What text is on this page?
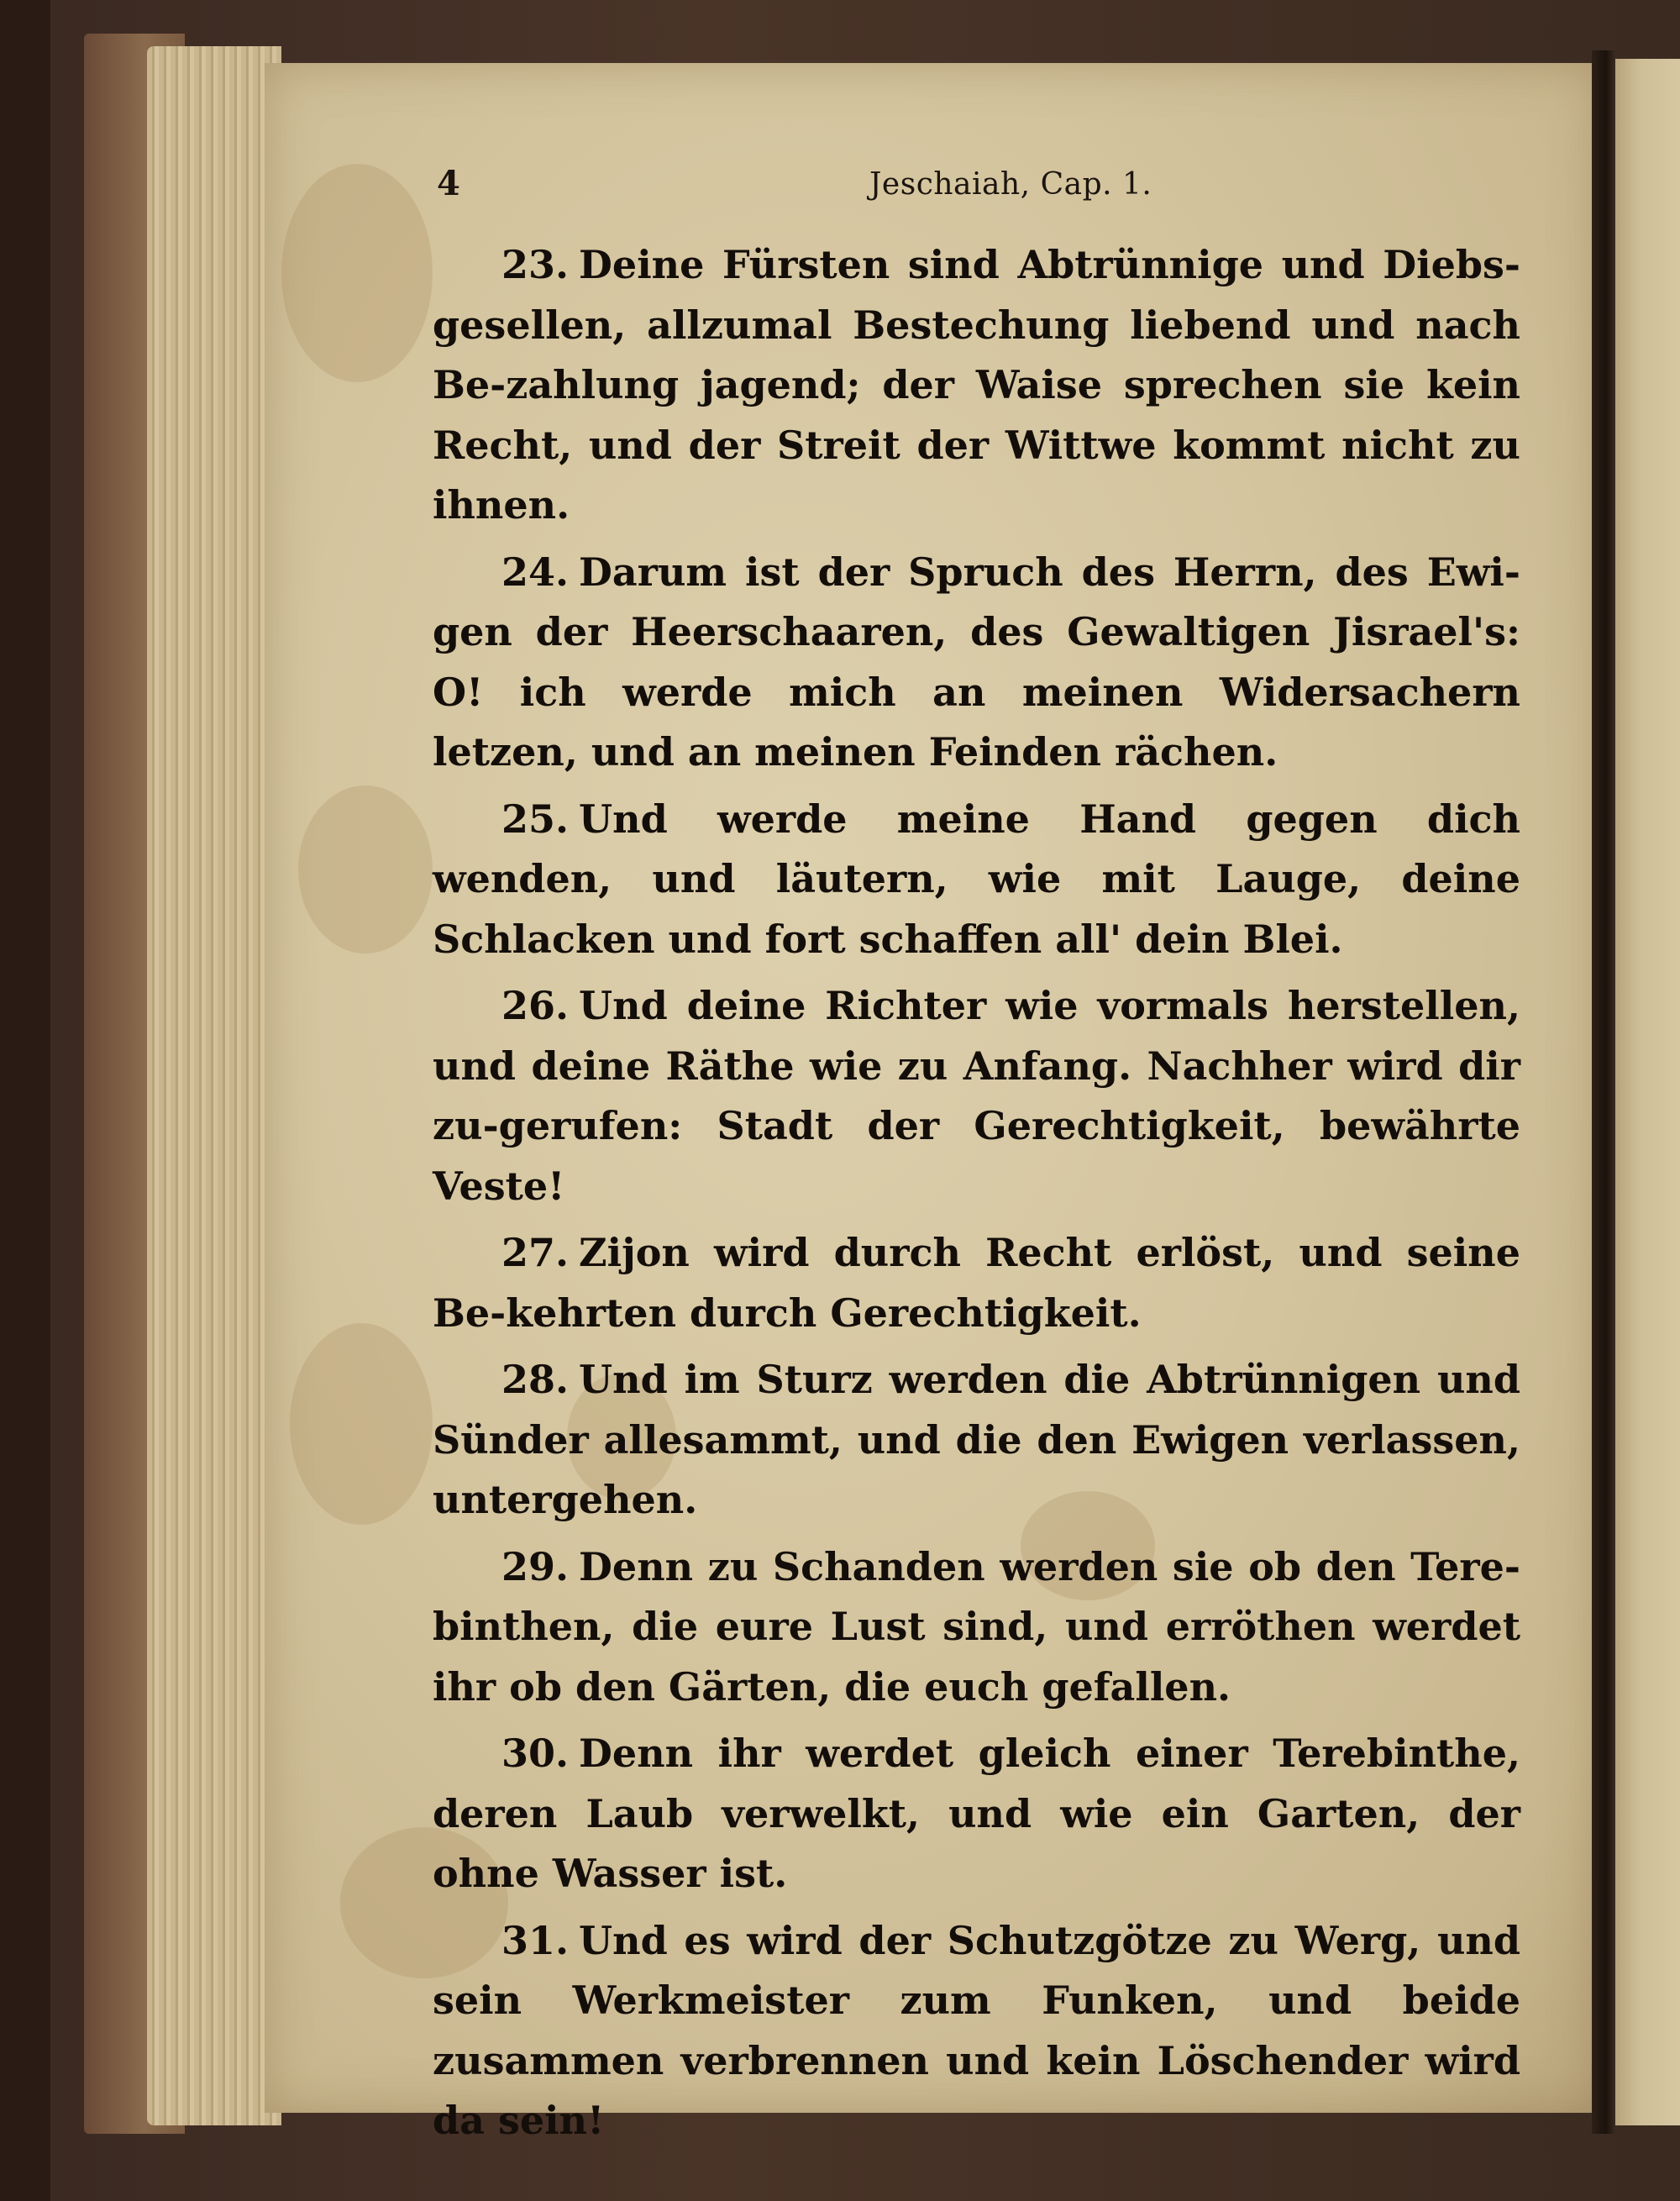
4	Jeschaiah, Cap. 1.

23. Deine Fürsten sind Abtrünnige und Diebs-gesellen, allzumal Bestechung liebend und nach Be-zahlung jagend; der Waise sprechen sie kein Recht, und der Streit der Wittwe kommt nicht zu ihnen.

24. Darum ist der Spruch des Herrn, des Ewi-gen der Heerschaaren, des Gewaltigen Jisrael's: O! ich werde mich an meinen Widersachern letzen, und an meinen Feinden rächen.

25. Und werde meine Hand gegen dich wenden, und läutern, wie mit Lauge, deine Schlacken und fort schaffen all' dein Blei.

26. Und deine Richter wie vormals herstellen, und deine Räthe wie zu Anfang. Nachher wird dir zu-gerufen: Stadt der Gerechtigkeit, bewährte Veste!

27. Zijon wird durch Recht erlöst, und seine Be-kehrten durch Gerechtigkeit.

28. Und im Sturz werden die Abtrünnigen und Sünder allesammt, und die den Ewigen verlassen, untergehen.

29. Denn zu Schanden werden sie ob den Tere-binthen, die eure Lust sind, und erröthen werdet ihr ob den Gärten, die euch gefallen.

30. Denn ihr werdet gleich einer Terebinthe, deren Laub verwelkt, und wie ein Garten, der ohne Wasser ist.

31. Und es wird der Schutzgötze zu Werg, und sein Werkmeister zum Funken, und beide zusammen verbrennen und kein Löschender wird da sein!
